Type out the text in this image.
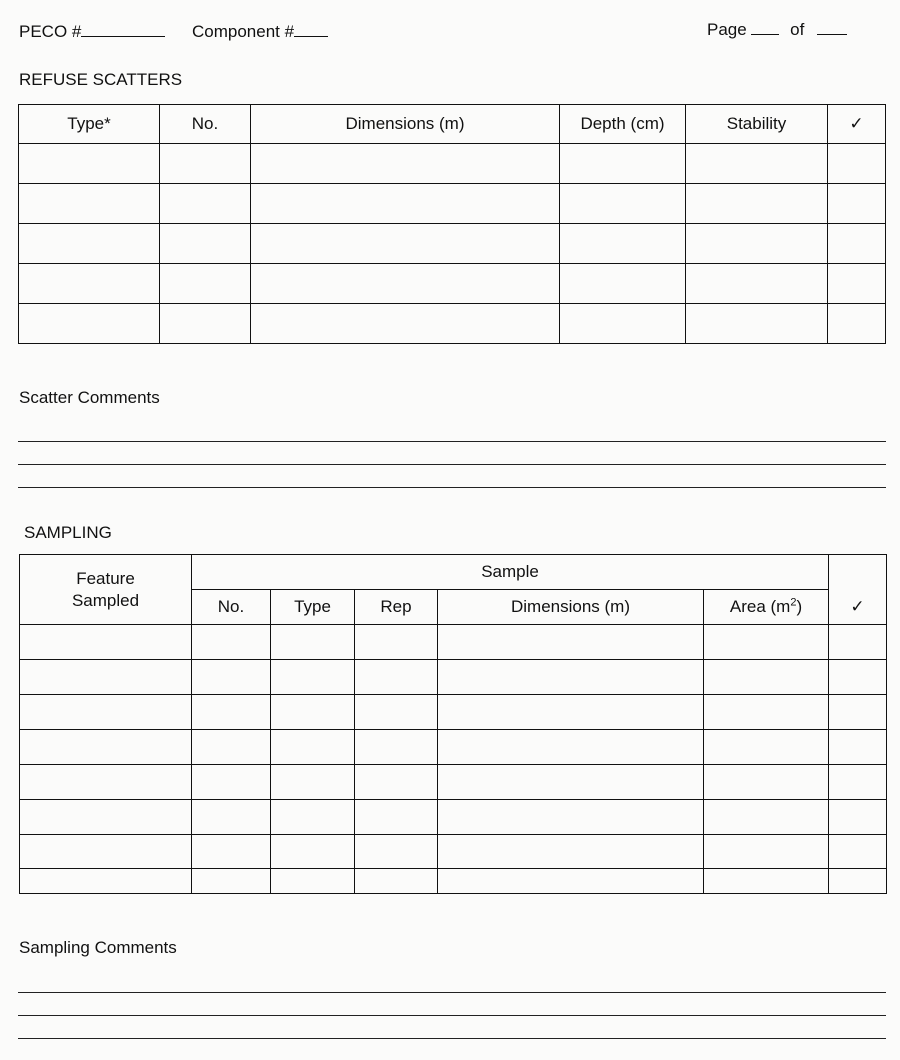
PECO #	Component #	Page	of
REFUSE SCATTERS
Type*	No.	Dimensions (m)	Depth (cm)	Stability	✓

Scatter Comments
SAMPLING
Feature
Sampled	Sample					
	No.	Type	Rep	Dimensions (m)	Area $(m^2)$	✓

Sampling Comments
